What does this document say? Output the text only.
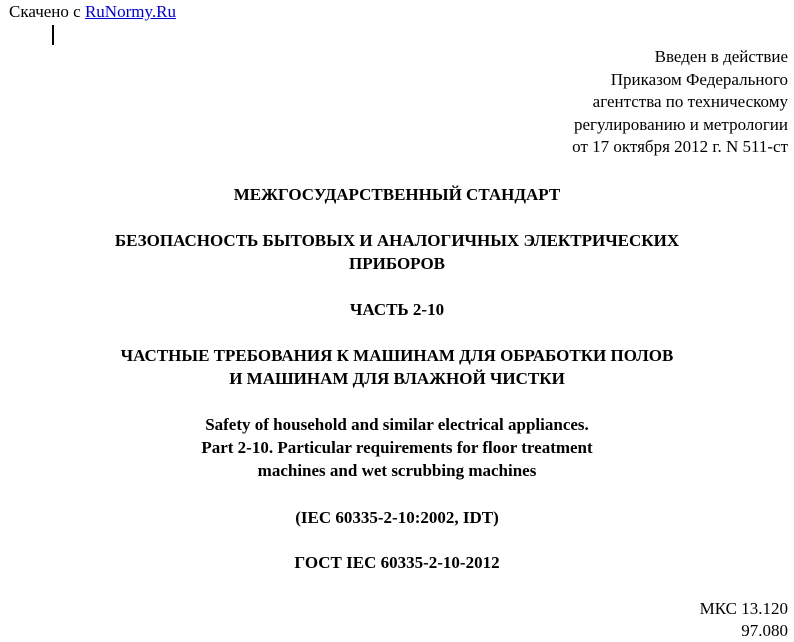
Скачено с RuNormy.Ru
Введен в действие
Приказом Федерального
агентства по техническому
регулированию и метрологии
от 17 октября 2012 г. N 511-ст
МЕЖГОСУДАРСТВЕННЫЙ СТАНДАРТ
БЕЗОПАСНОСТЬ БЫТОВЫХ И АНАЛОГИЧНЫХ ЭЛЕКТРИЧЕСКИХ
ПРИБОРОВ
ЧАСТЬ 2-10
ЧАСТНЫЕ ТРЕБОВАНИЯ К МАШИНАМ ДЛЯ ОБРАБОТКИ ПОЛОВ
И МАШИНАМ ДЛЯ ВЛАЖНОЙ ЧИСТКИ
Safety of household and similar electrical appliances.
Part 2-10. Particular requirements for floor treatment
machines and wet scrubbing machines
(IEC 60335-2-10:2002, IDT)
ГОСТ IEC 60335-2-10-2012
МКС 13.120
97.080
